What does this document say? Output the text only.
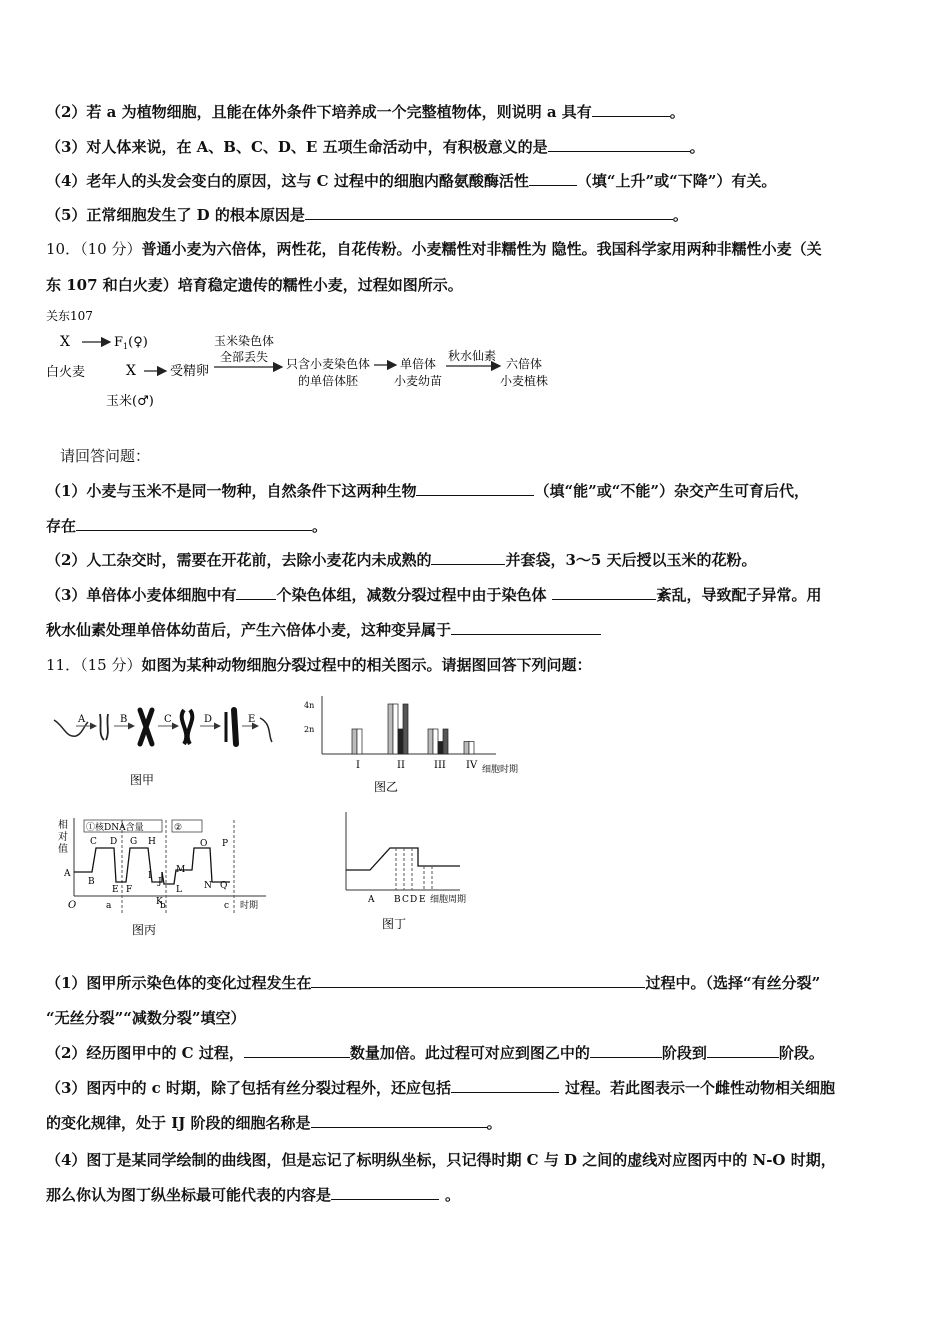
（2）若 a 为植物细胞，且能在体外条件下培养成一个完整植物体，则说明 a 具有	。
（3）对人体来说，在 A、B、C、D、E 五项生命活动中，有积极意义的是	。
（4）老年人的头发会变白的原因，这与 C 过程中的细胞内酪氨酸酶活性	（填“上升”或“下降”）有关。
（5）正常细胞发生了 D 的根本原因是	。
10．（10 分）普通小麦为六倍体，两性花，自花传粉。小麦糯性对非糯性为 隐性。我国科学家用两种非糯性小麦（关
东 107 和白火麦）培育稳定遗传的糯性小麦，过程如图所示。
关东107
X	$F_1(♀)$
白火麦	X
玉米(♂)
受精卵
玉米染色体
全部丢失 只含小麦染色体
的单倍体胚
单倍体
小麦幼苗
秋水仙素
六倍体
小麦植株
请回答问题：
（1）小麦与玉米不是同一物种，自然条件下这两种生物	（填“能”或“不能”）杂交产生可育后代，
存在	。
（2）人工杂交时，需要在开花前，去除小麦花内未成熟的	并套袋，3～5 天后授以玉米的花粉。
（3）单倍体小麦体细胞中有	个染色体组，减数分裂过程中由于染色体	紊乱，导致配子异常。用
秋水仙素处理单倍体幼苗后，产生六倍体小麦，这种变异属于
11．（15 分）如图为某种动物细胞分裂过程中的相关图示。请据图回答下列问题：
A	B	C	D	E
图甲
4n
2n
I	II	III IV 细胞时期
图乙
相
对
值
①核DNA含量	②
A
B
C D
E F
G H
I
J
K
L
M
N
O P
Q
O	a	b	c 时期
图丙
A B C D E 细胞周期
图丁
（1）图甲所示染色体的变化过程发生在	过程中。（选择“有丝分裂”
“无丝分裂”“减数分裂”填空）
（2）经历图甲中的 C 过程，	数量加倍。此过程可对应到图乙中的	阶段到	阶段。
（3）图丙中的 c 时期，除了包括有丝分裂过程外，还应包括	过程。若此图表示一个雌性动物相关细胞
的变化规律，处于 IJ 阶段的细胞名称是	。
（4）图丁是某同学绘制的曲线图，但是忘记了标明纵坐标，只记得时期 C 与 D 之间的虚线对应图丙中的 N-O 时期，
那么你认为图丁纵坐标最可能代表的内容是	。
